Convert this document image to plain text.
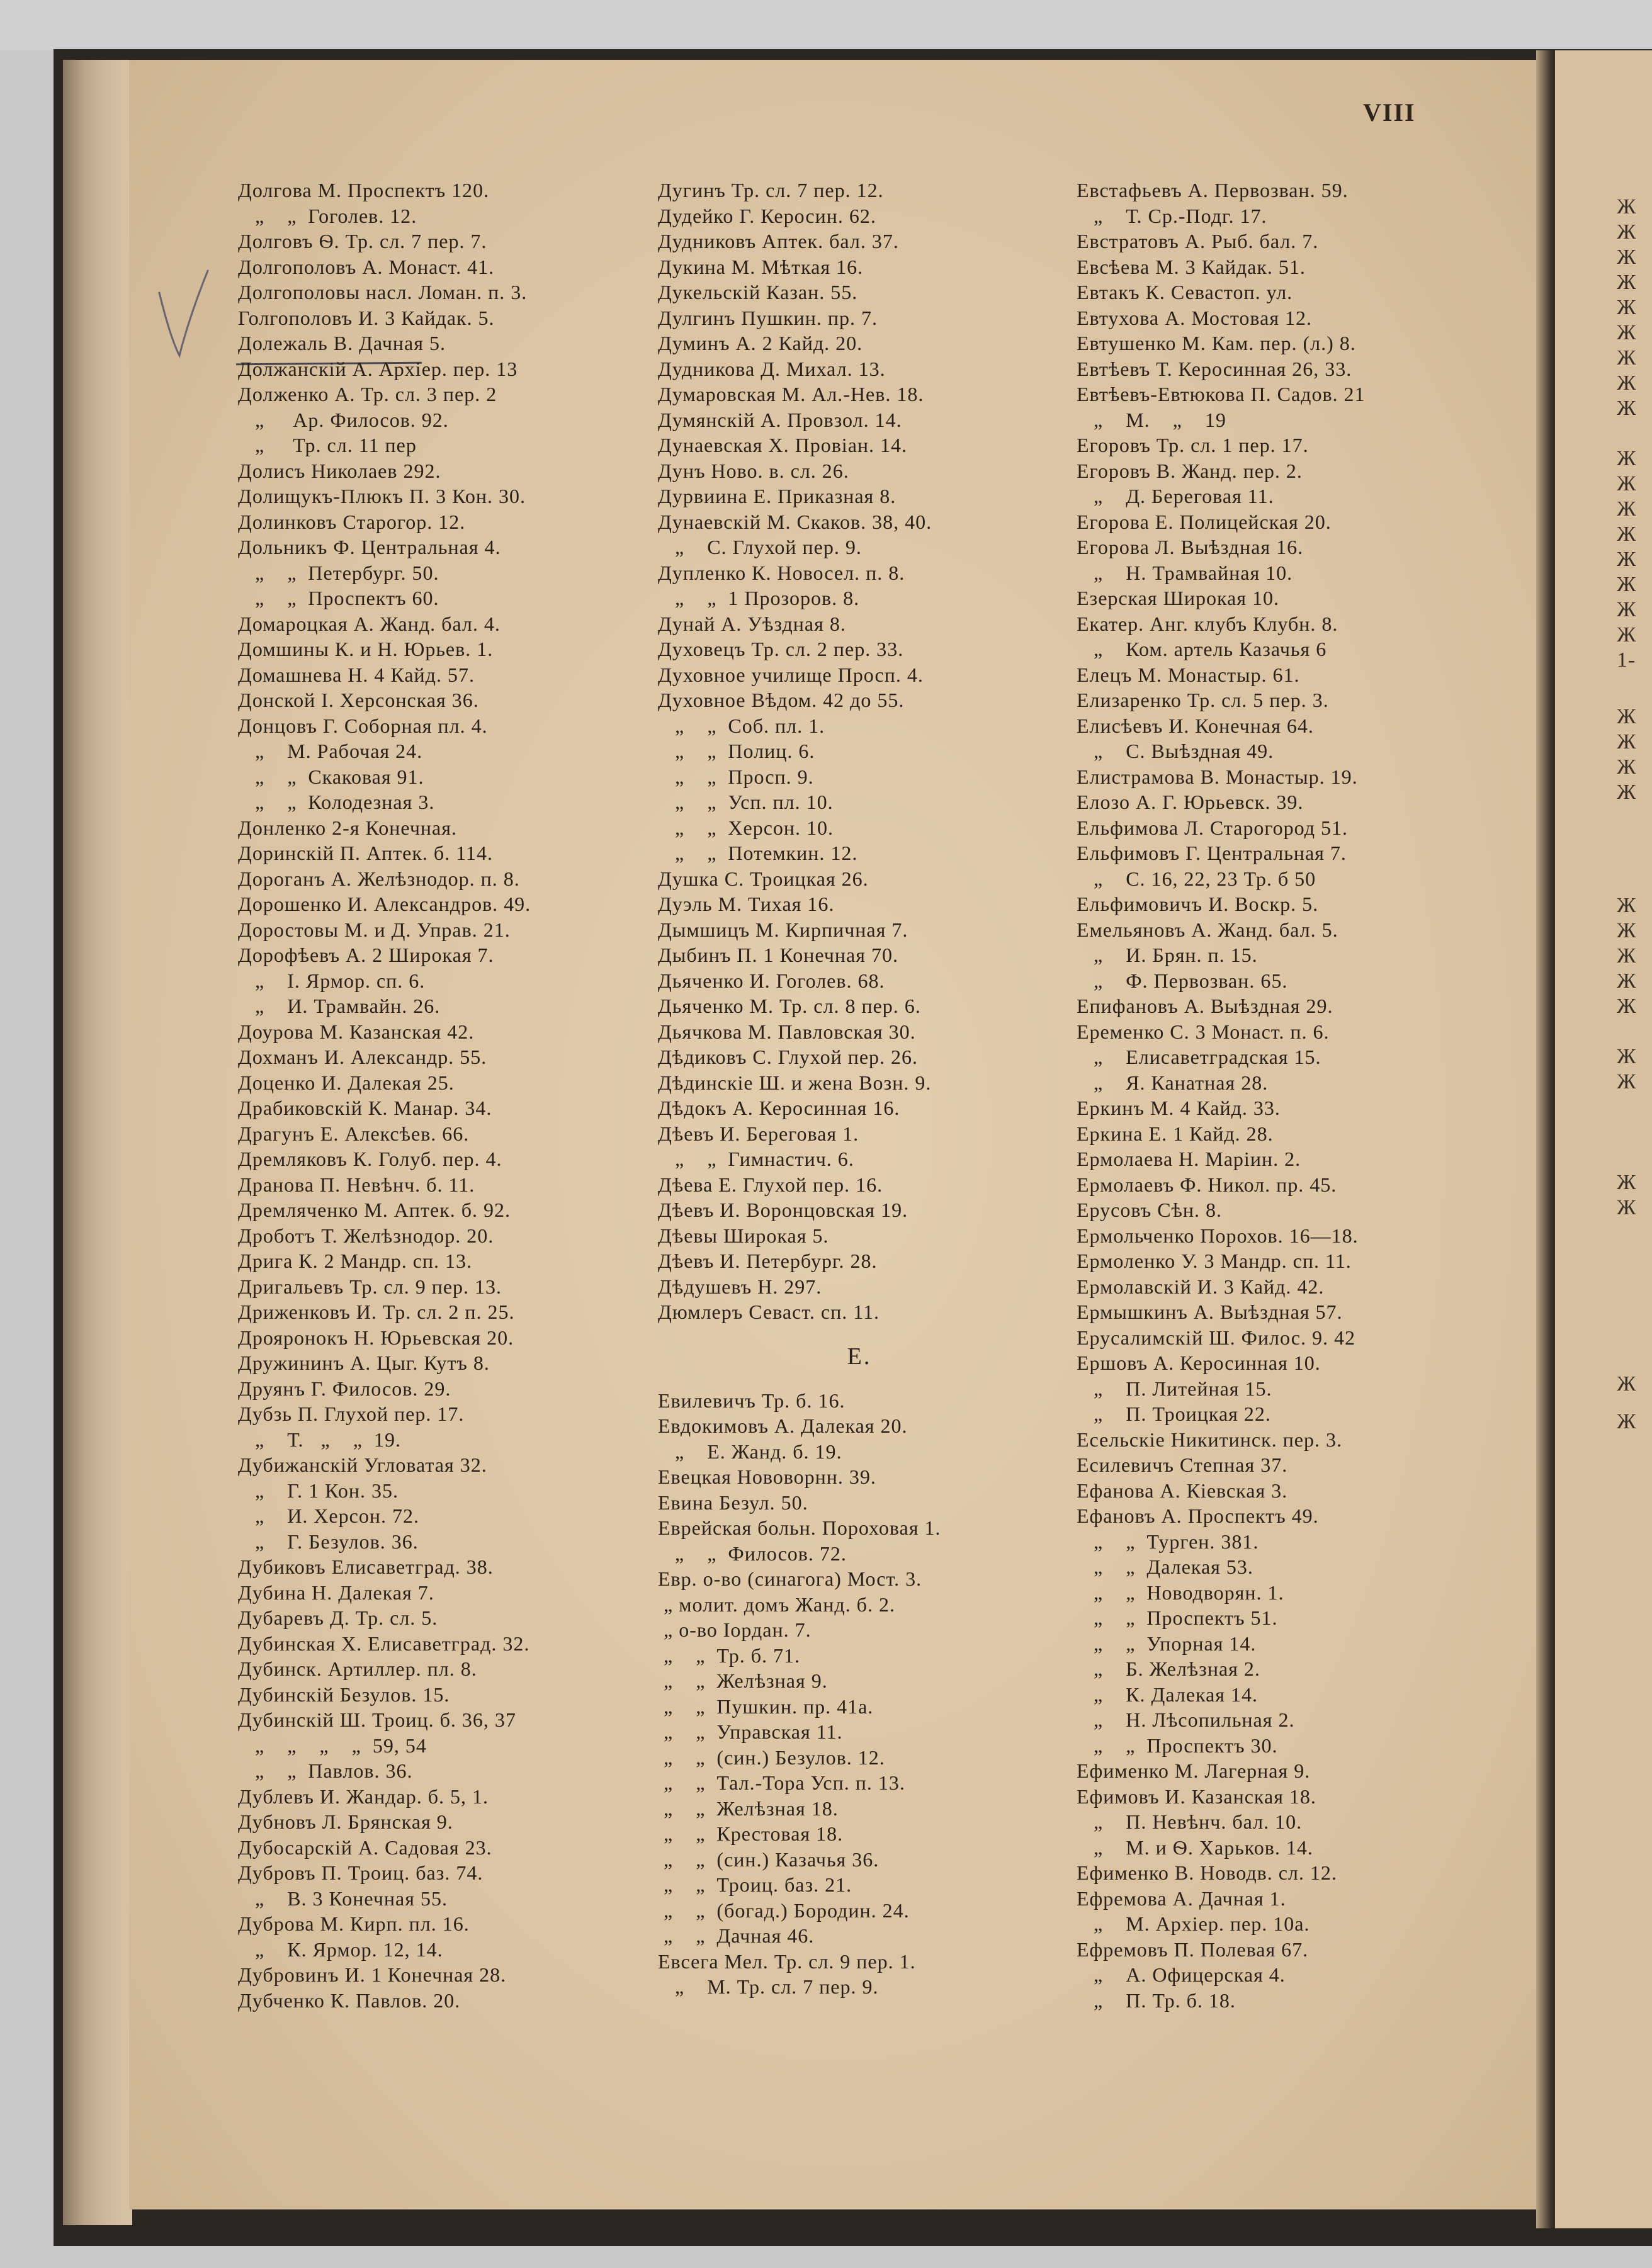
Ж
Ж
Ж
Ж
Ж
Ж
Ж
Ж
Ж
Ж
Ж
Ж
Ж
Ж
Ж
Ж
Ж
1-
Ж
Ж
Ж
Ж
Ж
Ж
Ж
Ж
Ж
Ж
Ж
Ж
Ж
Ж
Ж
VIII
Долгова М. Проспектъ 120.
„    „  Гоголев. 12.
Долговъ Ѳ. Тр. сл. 7 пер. 7.
Долгополовъ А. Монаст. 41.
Долгополовы насл. Ломан. п. 3.
Голгополовъ И. 3 Кайдак. 5.
Долежаль В. Дачная 5.
Должанскій А. Архіер. пер. 13
Долженко А. Тр. сл. 3 пер. 2
„     Ар. Филосов. 92.
„     Тр. сл. 11 пер
Долисъ Николаев 292.
Долищукъ-Плюкъ П. 3 Кон. 30.
Долинковъ Старогор. 12.
Дольникъ Ф. Центральная 4.
„    „  Петербург. 50.
„    „  Проспектъ 60.
Домароцкая А. Жанд. бал. 4.
Домшины К. и Н. Юрьев. 1.
Домашнева Н. 4 Кайд. 57.
Донской І. Херсонская 36.
Донцовъ Г. Соборная пл. 4.
„    М. Рабочая 24.
„    „  Скаковая 91.
„    „  Колодезная 3.
Донленко 2-я Конечная.
Доринскій П. Аптек. б. 114.
Дороганъ А. Желѣзнодор. п. 8.
Дорошенко И. Александров. 49.
Доростовы М. и Д. Управ. 21.
Дорофѣевъ А. 2 Широкая 7.
„    І. Ярмор. сп. 6.
„    И. Трамвайн. 26.
Доурова М. Казанская 42.
Дохманъ И. Александр. 55.
Доценко И. Далекая 25.
Драбиковскій К. Манар. 34.
Драгунъ Е. Алексѣев. 66.
Дремляковъ К. Голуб. пер. 4.
Дранова П. Невѣнч. б. 11.
Дремляченко М. Аптек. б. 92.
Дроботъ Т. Желѣзнодор. 20.
Дрига К. 2 Мандр. сп. 13.
Дригальевъ Тр. сл. 9 пер. 13.
Дриженковъ И. Тр. сл. 2 п. 25.
Дрояронокъ Н. Юрьевская 20.
Дружининъ А. Цыг. Кутъ 8.
Друянъ Г. Филосов. 29.
Дубзь П. Глухой пер. 17.
„    Т.   „    „  19.
Дубижанскій Угловатая 32.
„    Г. 1 Кон. 35.
„    И. Херсон. 72.
„    Г. Безулов. 36.
Дубиковъ Елисаветград. 38.
Дубина Н. Далекая 7.
Дубаревъ Д. Тр. сл. 5.
Дубинская Х. Елисаветград. 32.
Дубинск. Артиллер. пл. 8.
Дубинскій Безулов. 15.
Дубинскій Ш. Троиц. б. 36, 37
„    „    „    „  59, 54
„    „  Павлов. 36.
Дублевъ И. Жандар. б. 5, 1.
Дубновъ Л. Брянская 9.
Дубосарскій А. Садовая 23.
Дубровъ П. Троиц. баз. 74.
„    В. 3 Конечная 55.
Дуброва М. Кирп. пл. 16.
„    К. Ярмор. 12, 14.
Дубровинъ И. 1 Конечная 28.
Дубченко К. Павлов. 20.
Дугинъ Тр. сл. 7 пер. 12.
Дудейко Г. Керосин. 62.
Дудниковъ Аптек. бал. 37.
Дукина М. Мѣткая 16.
Дукельскій Казан. 55.
Дулгинъ Пушкин. пр. 7.
Думинъ А. 2 Кайд. 20.
Дудникова Д. Михал. 13.
Думаровская М. Ал.-Нев. 18.
Думянскій А. Провзол. 14.
Дунаевская Х. Провіан. 14.
Дунъ Ново. в. сл. 26.
Дурвиина Е. Приказная 8.
Дунаевскій М. Скаков. 38, 40.
„    С. Глухой пер. 9.
Дупленко К. Новосел. п. 8.
„    „  1 Прозоров. 8.
Дунай А. Уѣздная 8.
Духовецъ Тр. сл. 2 пер. 33.
Духовное училище Просп. 4.
Духовное Вѣдом. 42 до 55.
„    „  Соб. пл. 1.
„    „  Полиц. 6.
„    „  Просп. 9.
„    „  Усп. пл. 10.
„    „  Херсон. 10.
„    „  Потемкин. 12.
Душка С. Троицкая 26.
Дуэль М. Тихая 16.
Дымшицъ М. Кирпичная 7.
Дыбинъ П. 1 Конечная 70.
Дьяченко И. Гоголев. 68.
Дьяченко М. Тр. сл. 8 пер. 6.
Дьячкова М. Павловская 30.
Дѣдиковъ С. Глухой пер. 26.
Дѣдинскіе Ш. и жена Возн. 9.
Дѣдокъ А. Керосинная 16.
Дѣевъ И. Береговая 1.
„    „  Гимнастич. 6.
Дѣева Е. Глухой пер. 16.
Дѣевъ И. Воронцовская 19.
Дѣевы Широкая 5.
Дѣевъ И. Петербург. 28.
Дѣдушевъ Н. 297.
Дюмлеръ Севаст. сп. 11.
Е.
Евилевичъ Тр. б. 16.
Евдокимовъ А. Далекая 20.
„    Е. Жанд. б. 19.
Евецкая Нововорнн. 39.
Евина Безул. 50.
Еврейская больн. Пороховая 1.
„    „  Филосов. 72.
Евр. о-во (синагога) Мост. 3.
„ молит. домъ Жанд. б. 2.
„ о-во Іордан. 7.
„    „  Тр. б. 71.
„    „  Желѣзная 9.
„    „  Пушкин. пр. 41а.
„    „  Управская 11.
„    „  (син.) Безулов. 12.
„    „  Тал.-Тора Усп. п. 13.
„    „  Желѣзная 18.
„    „  Крестовая 18.
„    „  (син.) Казачья 36.
„    „  Троиц. баз. 21.
„    „  (богад.) Бородин. 24.
„    „  Дачная 46.
Евсега Мел. Тр. сл. 9 пер. 1.
„    М. Тр. сл. 7 пер. 9.
Евстафьевъ А. Первозван. 59.
„    Т. Ср.-Подг. 17.
Евстратовъ А. Рыб. бал. 7.
Евсѣева М. 3 Кайдак. 51.
Евтакъ К. Севастоп. ул.
Евтухова А. Мостовая 12.
Евтушенко М. Кам. пер. (л.) 8.
Евтѣевъ Т. Керосинная 26, 33.
Евтѣевъ-Евтюкова П. Садов. 21
„    М.    „    19
Егоровъ Тр. сл. 1 пер. 17.
Егоровъ В. Жанд. пер. 2.
„    Д. Береговая 11.
Егорова Е. Полицейская 20.
Егорова Л. Выѣздная 16.
„    Н. Трамвайная 10.
Езерская Широкая 10.
Екатер. Анг. клубъ Клубн. 8.
„    Ком. артель Казачья 6
Елецъ М. Монастыр. 61.
Елизаренко Тр. сл. 5 пер. 3.
Елисѣевъ И. Конечная 64.
„    С. Выѣздная 49.
Елистрамова В. Монастыр. 19.
Елозо А. Г. Юрьевск. 39.
Ельфимова Л. Старогород 51.
Ельфимовъ Г. Центральная 7.
„    С. 16, 22, 23 Тр. б 50
Ельфимовичъ И. Воскр. 5.
Емельяновъ А. Жанд. бал. 5.
„    И. Брян. п. 15.
„    Ф. Первозван. 65.
Епифановъ А. Выѣздная 29.
Еременко С. 3 Монаст. п. 6.
„    Елисаветградская 15.
„    Я. Канатная 28.
Еркинъ М. 4 Кайд. 33.
Еркина Е. 1 Кайд. 28.
Ермолаева Н. Маріин. 2.
Ермолаевъ Ф. Никол. пр. 45.
Ерусовъ Сѣн. 8.
Ермольченко Порохов. 16—18.
Ермоленко У. 3 Мандр. сп. 11.
Ермолавскій И. 3 Кайд. 42.
Ермышкинъ А. Выѣздная 57.
Ерусалимскій Ш. Филос. 9. 42
Ершовъ А. Керосинная 10.
„    П. Литейная 15.
„    П. Троицкая 22.
Есельскіе Никитинск. пер. 3.
Есилевичъ Степная 37.
Ефанова А. Кіевская 3.
Ефановъ А. Проспектъ 49.
„    „  Турген. 381.
„    „  Далекая 53.
„    „  Новодворян. 1.
„    „  Проспектъ 51.
„    „  Упорная 14.
„    Б. Желѣзная 2.
„    К. Далекая 14.
„    Н. Лѣсопильная 2.
„    „  Проспектъ 30.
Ефименко М. Лагерная 9.
Ефимовъ И. Казанская 18.
„    П. Невѣнч. бал. 10.
„    М. и Ѳ. Харьков. 14.
Ефименко В. Новодв. сл. 12.
Ефремова А. Дачная 1.
„    М. Архіер. пер. 10а.
Ефремовъ П. Полевая 67.
„    А. Офицерская 4.
„    П. Тр. б. 18.
